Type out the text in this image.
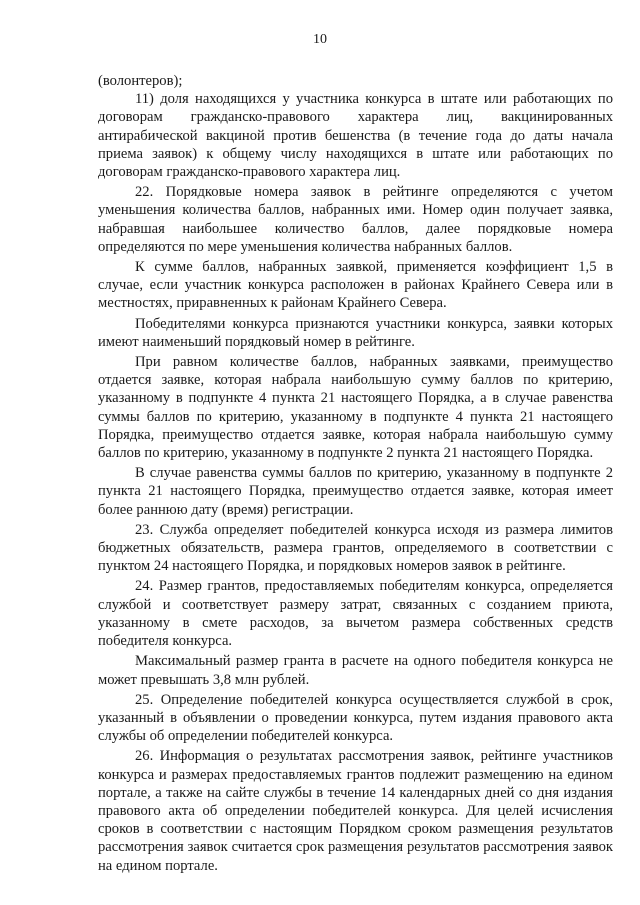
10

(волонтеров);

11) доля находящихся у участника конкурса в штате или работающих по договорам гражданско-правового характера лиц, вакцинированных антирабической вакциной против бешенства (в течение года до даты начала приема заявок) к общему числу находящихся в штате или работающих по договорам гражданско-правового характера лиц.

22. Порядковые номера заявок в рейтинге определяются с учетом уменьшения количества баллов, набранных ими. Номер один получает заявка, набравшая наибольшее количество баллов, далее порядковые номера определяются по мере уменьшения количества набранных баллов.

К сумме баллов, набранных заявкой, применяется коэффициент 1,5 в случае, если участник конкурса расположен в районах Крайнего Севера или в местностях, приравненных к районам Крайнего Севера.

Победителями конкурса признаются участники конкурса, заявки которых имеют наименьший порядковый номер в рейтинге.

При равном количестве баллов, набранных заявками, преимущество отдается заявке, которая набрала наибольшую сумму баллов по критерию, указанному в подпункте 4 пункта 21 настоящего Порядка, а в случае равенства суммы баллов по критерию, указанному в подпункте 4 пункта 21 настоящего Порядка, преимущество отдается заявке, которая набрала наибольшую сумму баллов по критерию, указанному в подпункте 2 пункта 21 настоящего Порядка.

В случае равенства суммы баллов по критерию, указанному в подпункте 2 пункта 21 настоящего Порядка, преимущество отдается заявке, которая имеет более раннюю дату (время) регистрации.

23. Служба определяет победителей конкурса исходя из размера лимитов бюджетных обязательств, размера грантов, определяемого в соответствии с пунктом 24 настоящего Порядка, и порядковых номеров заявок в рейтинге.

24. Размер грантов, предоставляемых победителям конкурса, определяется службой и соответствует размеру затрат, связанных с созданием приюта, указанному в смете расходов, за вычетом размера собственных средств победителя конкурса.

Максимальный размер гранта в расчете на одного победителя конкурса не может превышать 3,8 млн рублей.

25. Определение победителей конкурса осуществляется службой в срок, указанный в объявлении о проведении конкурса, путем издания правового акта службы об определении победителей конкурса.

26. Информация о результатах рассмотрения заявок, рейтинге участников конкурса и размерах предоставляемых грантов подлежит размещению на едином портале, а также на сайте службы в течение 14 календарных дней со дня издания правового акта об определении победителей конкурса. Для целей исчисления сроков в соответствии с настоящим Порядком сроком размещения результатов рассмотрения заявок считается срок размещения результатов рассмотрения заявок на едином портале.
